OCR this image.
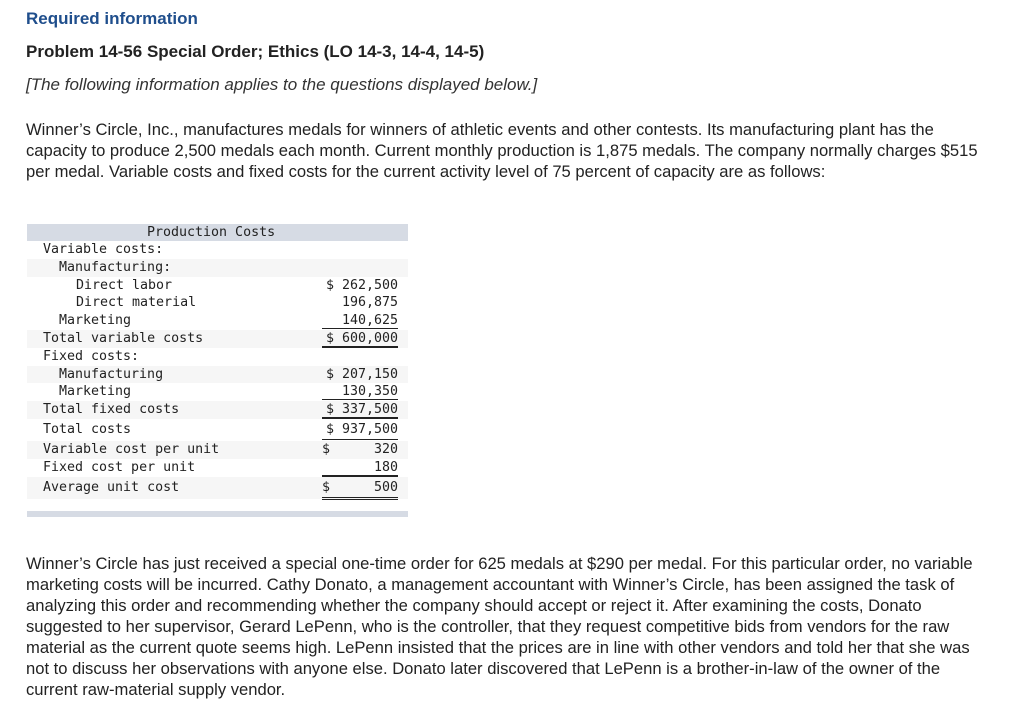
Required information
Problem 14-56 Special Order; Ethics (LO 14-3, 14-4, 14-5)
[The following information applies to the questions displayed below.]
Winner’s Circle, Inc., manufactures medals for winners of athletic events and other contests. Its manufacturing plant has the capacity to produce 2,500 medals each month. Current monthly production is 1,875 medals. The company normally charges $515 per medal. Variable costs and fixed costs for the current activity level of 75 percent of capacity are as follows:
Production Costs
Variable costs:
Manufacturing:
Direct labor	$ 262,500
Direct material	196,875
Marketing	140,625
Total variable costs	$ 600,000
Fixed costs:
Manufacturing	$ 207,150
Marketing	130,350
Total fixed costs	$ 337,500
Total costs	$ 937,500
Variable cost per unit	$	320
Fixed cost per unit	180
Average unit cost	$	500
Winner’s Circle has just received a special one-time order for 625 medals at $290 per medal. For this particular order, no variable marketing costs will be incurred. Cathy Donato, a management accountant with Winner’s Circle, has been assigned the task of analyzing this order and recommending whether the company should accept or reject it. After examining the costs, Donato suggested to her supervisor, Gerard LePenn, who is the controller, that they request competitive bids from vendors for the raw material as the current quote seems high. LePenn insisted that the prices are in line with other vendors and told her that she was not to discuss her observations with anyone else. Donato later discovered that LePenn is a brother-in-law of the owner of the current raw-material supply vendor.
